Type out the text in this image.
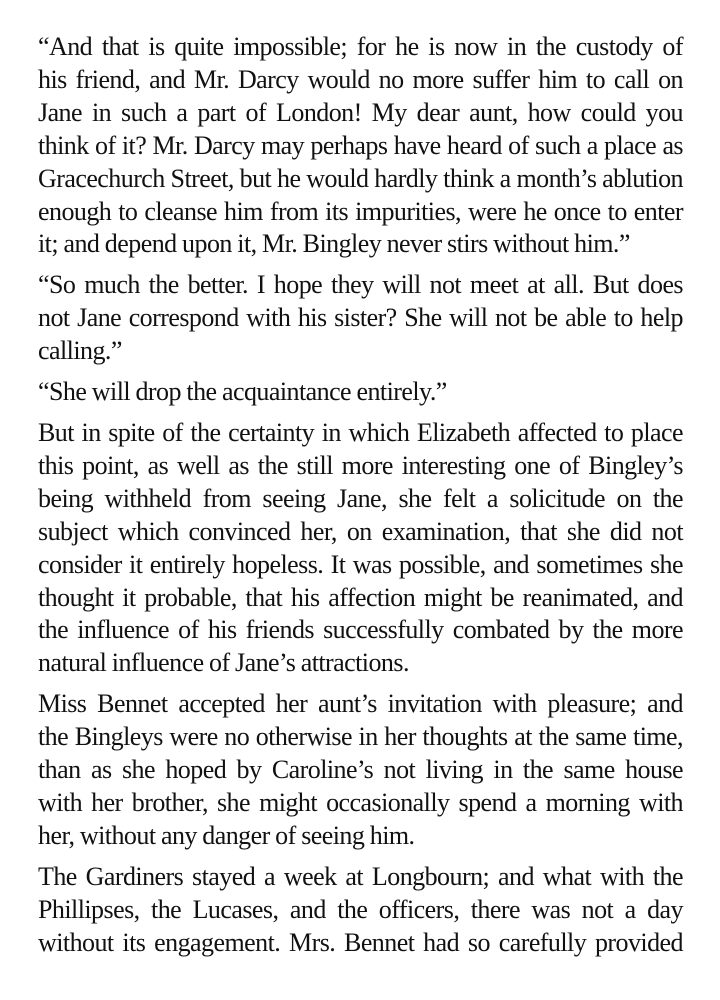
“And that is quite impossible; for he is now in the custody of
his friend, and Mr. Darcy would no more suffer him to call on
Jane in such a part of London! My dear aunt, how could you
think of it? Mr. Darcy may perhaps have heard of such a place as
Gracechurch Street, but he would hardly think a month’s ablution
enough to cleanse him from its impurities, were he once to enter
it; and depend upon it, Mr. Bingley never stirs without him.”

“So much the better. I hope they will not meet at all. But does
not Jane correspond with his sister? She will not be able to help
calling.”

“She will drop the acquaintance entirely.”

But in spite of the certainty in which Elizabeth affected to place
this point, as well as the still more interesting one of Bingley’s
being withheld from seeing Jane, she felt a solicitude on the
subject which convinced her, on examination, that she did not
consider it entirely hopeless. It was possible, and sometimes she
thought it probable, that his affection might be reanimated, and
the influence of his friends successfully combated by the more
natural influence of Jane’s attractions.

Miss Bennet accepted her aunt’s invitation with pleasure; and
the Bingleys were no otherwise in her thoughts at the same time,
than as she hoped by Caroline’s not living in the same house
with her brother, she might occasionally spend a morning with
her, without any danger of seeing him.

The Gardiners stayed a week at Longbourn; and what with the
Phillipses, the Lucases, and the officers, there was not a day
without its engagement. Mrs. Bennet had so carefully provided
